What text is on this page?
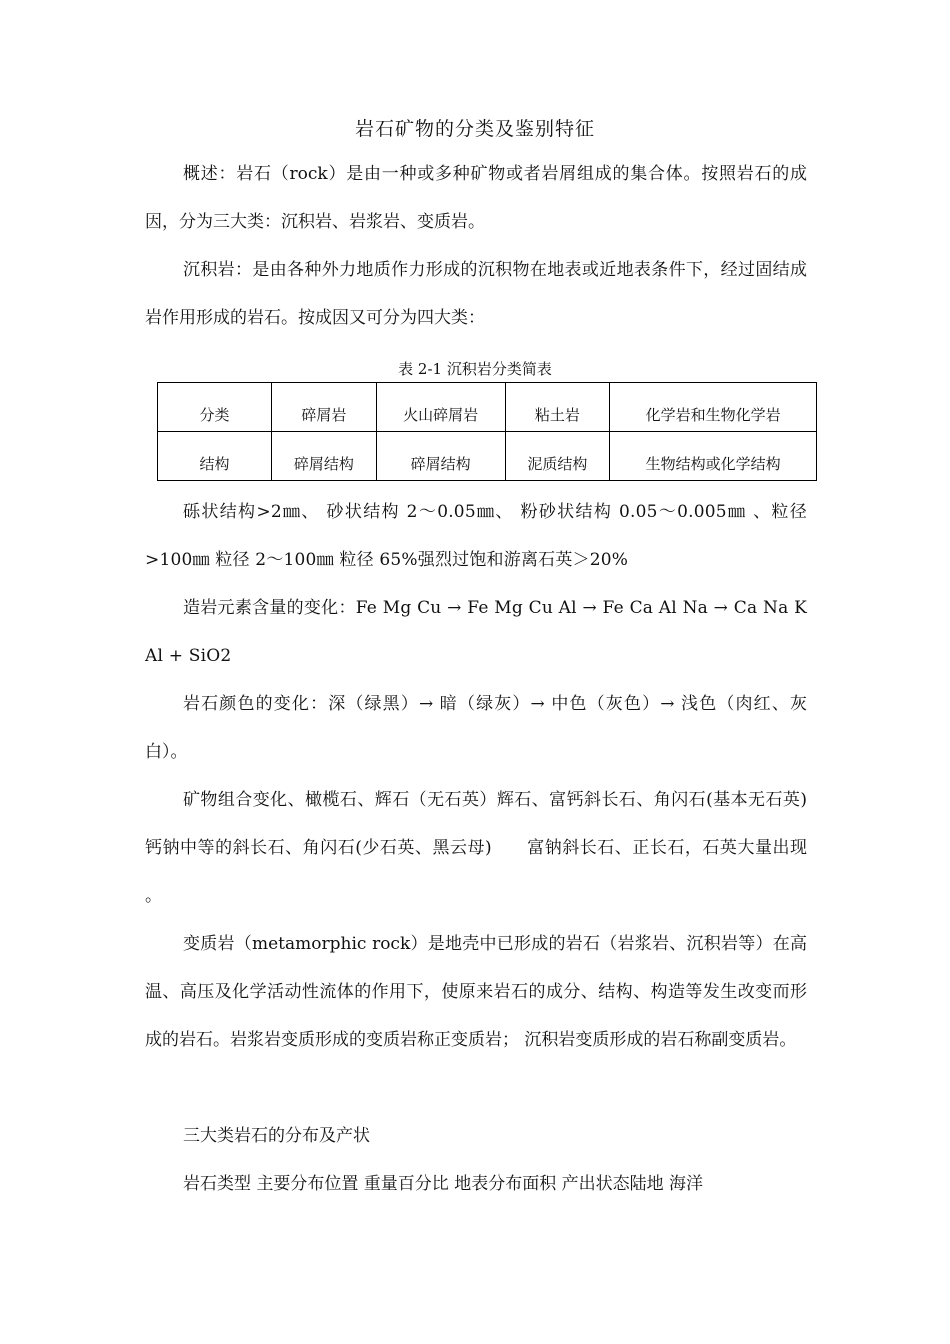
岩石矿物的分类及鉴别特征
概述：岩石（rock）是由一种或多种矿物或者岩屑组成的集合体。按照岩石的成因，分为三大类：沉积岩、岩浆岩、变质岩。
沉积岩：是由各种外力地质作力形成的沉积物在地表或近地表条件下，经过固结成岩作用形成的岩石。按成因又可分为四大类：
表 2-1 沉积岩分类简表
分类	碎屑岩	火山碎屑岩	粘土岩	化学岩和生物化学岩
结构	碎屑结构	碎屑结构	泥质结构	生物结构或化学结构
砾状结构>2㎜、 砂状结构 2～0.05㎜、 粉砂状结构 0.05～0.005㎜ 、粒径>100㎜ 粒径 2～100㎜ 粒径 65%强烈过饱和游离石英＞20%
造岩元素含量的变化：Fe Mg Cu → Fe Mg Cu Al → Fe Ca Al Na → Ca Na K Al + SiO2
岩石颜色的变化：深（绿黑）→ 暗（绿灰）→ 中色（灰色）→ 浅色（肉红、灰白）。
矿物组合变化、橄榄石、辉石（无石英）辉石、富钙斜长石、角闪石(基本无石英)　 钙钠中等的斜长石、角闪石(少石英、黑云母)　　富钠斜长石、正长石，石英大量出现 。
变质岩（metamorphic rock）是地壳中已形成的岩石（岩浆岩、沉积岩等）在高温、高压及化学活动性流体的作用下，使原来岩石的成分、结构、构造等发生改变而形成的岩石。岩浆岩变质形成的变质岩称正变质岩； 沉积岩变质形成的岩石称副变质岩。
三大类岩石的分布及产状
岩石类型 主要分布位置 重量百分比 地表分布面积 产出状态陆地 海洋
